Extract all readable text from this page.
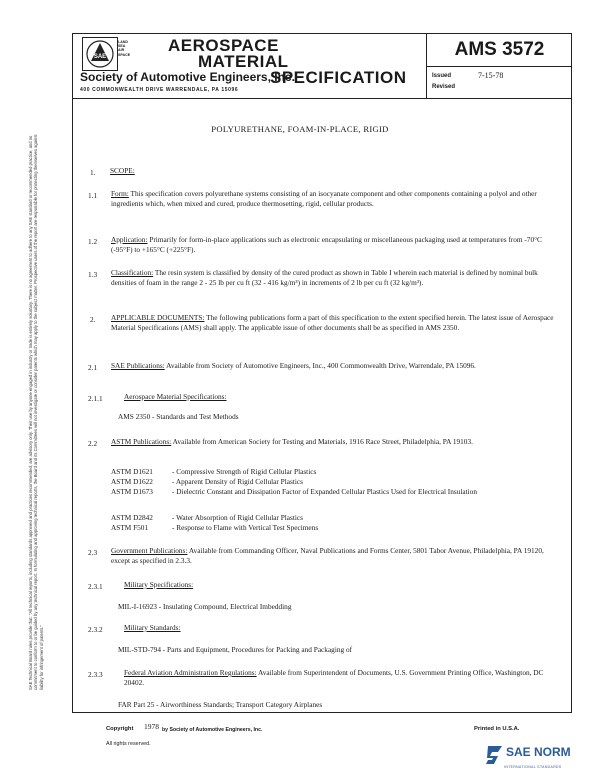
SAE
LAND
SEA
AIR
SPACE AEROSPACE
MATERIAL
SPECIFICATION
Society of Automotive Engineers, Inc.
400 COMMONWEALTH DRIVE WARRENDALE, PA 15096
AMS 3572
Issued	7-15-78
Revised
POLYURETHANE, FOAM-IN-PLACE, RIGID
1. SCOPE:
1.1 Form: This specification covers polyurethane systems consisting of an isocyanate component and other components containing a polyol and other ingredients which, when mixed and cured, produce thermosetting, rigid, cellular products.
1.2 Application: Primarily for form-in-place applications such as electronic encapsulating or miscellaneous packaging used at temperatures from -70°C (-95°F) to +165°C (+225°F).
1.3 Classification: The resin system is classified by density of the cured product as shown in Table I wherein each material is defined by nominal bulk densities of foam in the range 2 - 25 lb per cu ft (32 - 416 kg/m³) in increments of 2 lb per cu ft (32 kg/m³).
2. APPLICABLE DOCUMENTS: The following publications form a part of this specification to the extent specified herein. The latest issue of Aerospace Material Specifications (AMS) shall apply. The applicable issue of other documents shall be as specified in AMS 2350.
2.1 SAE Publications: Available from Society of Automotive Engineers, Inc., 400 Commonwealth Drive, Warrendale, PA 15096.
2.1.1	Aerospace Material Specifications:
AMS 2350 - Standards and Test Methods
2.2 ASTM Publications: Available from American Society for Testing and Materials, 1916 Race Street, Philadelphia, PA 19103.
ASTM D1621	- Compressive Strength of Rigid Cellular Plastics
ASTM D1622	- Apparent Density of Rigid Cellular Plastics
ASTM D1673	- Dielectric Constant and Dissipation Factor of Expanded Cellular Plastics Used for Electrical Insulation
ASTM D2842	- Water Absorption of Rigid Cellular Plastics
ASTM F501	- Response to Flame with Vertical Test Specimens
2.3 Government Publications: Available from Commanding Officer, Naval Publications and Forms Center, 5801 Tabor Avenue, Philadelphia, PA 19120, except as specified in 2.3.3.
2.3.1	Military Specifications:
MIL-I-16923 - Insulating Compound, Electrical Imbedding
2.3.2	Military Standards:
MIL-STD-794 - Parts and Equipment, Procedures for Packing and Packaging of
2.3.3	Federal Aviation Administration Regulations: Available from Superintendent of Documents, U.S. Government Printing Office, Washington, DC 20402.
FAR Part 25 - Airworthiness Standards; Transport Category Airplanes
SAE Technical Board rules provide that: "All technical reports, including standards approved and practices recommended, are advisory only. Their use by anyone engaged in industry or trade is entirely voluntary. There is no agreement to adhere to any SAE standard or recommended practice, and no commitment to conform to or be guided by any technical report. In formulating and approving technical reports, the Board and its Committees will not investigate or consider patents which may apply to the subject matter. Prospective users of the report are responsible for protecting themselves against liability for infringement of patents."
Copyright 1978 by Society of Automotive Engineers, Inc.
All rights reserved.
Printed in U.S.A.
SAE NORM
INTERNATIONAL STANDARDS
